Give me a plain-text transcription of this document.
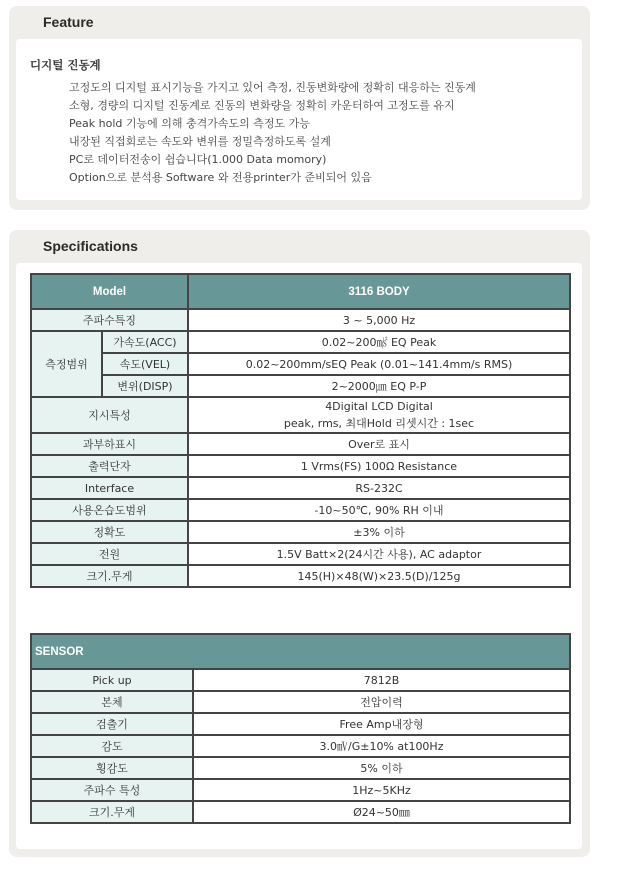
Feature
디지털 진동계
고정도의 디지털 표시기능을 가지고 있어 측정, 진동변화량에 정확히 대응하는 진동계
소형, 경량의 디지털 진동계로 진동의 변화량을 정확히 카운터하여 고정도를 유지
Peak hold 기능에 의해 충격가속도의 측정도 가능
내장된 직접회로는 속도와 변위를 정밀측정하도록 설계
PC로 데이터전송이 쉽습니다(1.000 Data momory)
Option으로 분석용 Software 와 전용printer가 준비되어 있음
Specifications
Model		3116 BODY
주파수특징		3 ~ 5,000 Hz
측정범위	가속도(ACC)	0.02~200㎨ EQ Peak
	속도(VEL)	0.02~200mm/sEQ Peak (0.01~141.4mm/s RMS)
	변위(DISP)	2~2000㎛ EQ P-P
지시특성		4Digital LCD Digital
peak, rms, 최대Hold 리셋시간 : 1sec

과부하표시		Over로 표시
출력단자		1 Vrms(FS) 100Ω Resistance
Interface		RS-232C
사용온습도범위		-10~50℃, 90% RH 이내
정확도		±3% 이하
전원		1.5V Batt×2(24시간 사용), AC adaptor
크기.무게		145(H)×48(W)×23.5(D)/125g
SENSOR	
Pick up	7812B
본체	전압이력
검출기	Free Amp내장형
감도	3.0㎷/G±10% at100Hz
횡감도	5% 이하
주파수 특성	1Hz~5KHz
크기.무게	Ø24~50㎜
